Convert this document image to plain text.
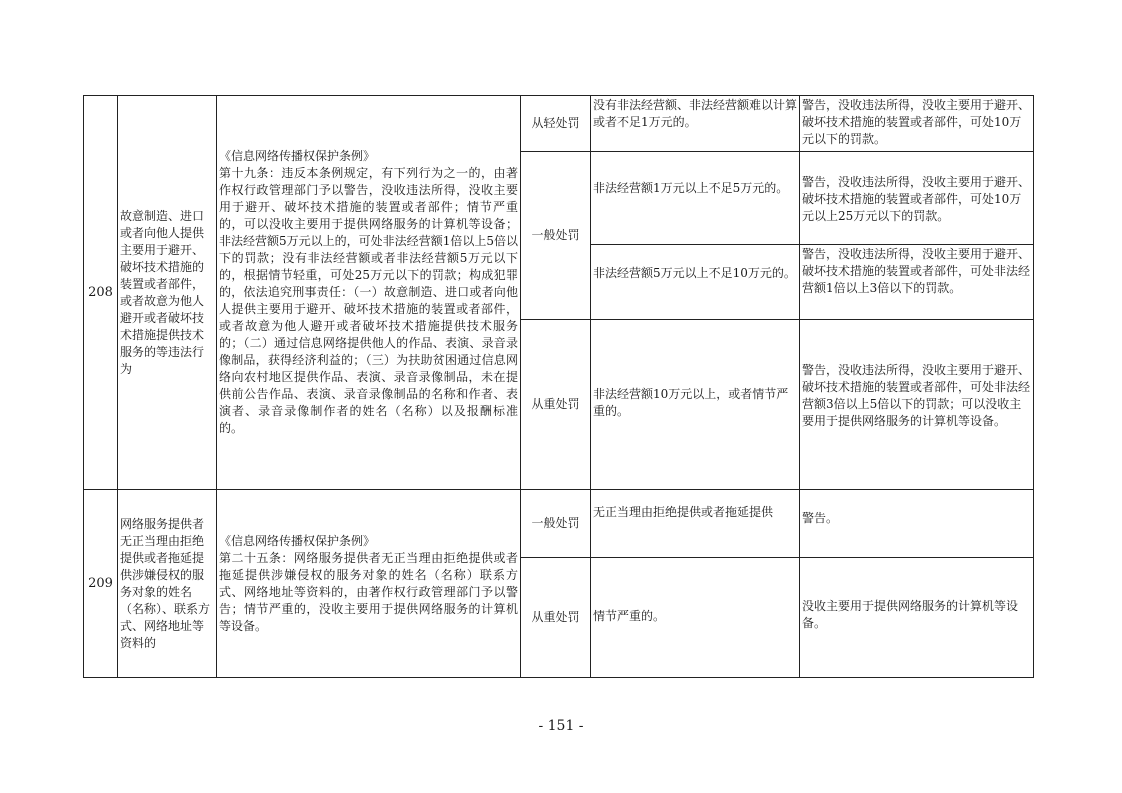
208	故意制造、进口或者向他人提供主要用于避开、破坏技术措施的装置或者部件，或者故意为他人避开或者破坏技术措施提供技术服务的等违法行为	《信息网络传播权保护条例》
第十九条：违反本条例规定，有下列行为之一的，由著作权行政管理部门予以警告，没收违法所得，没收主要用于避开、破坏技术措施的装置或者部件；情节严重的，可以没收主要用于提供网络服务的计算机等设备；非法经营额5万元以上的，可处非法经营额1倍以上5倍以下的罚款；没有非法经营额或者非法经营额5万元以下的，根据情节轻重，可处25万元以下的罚款；构成犯罪的，依法追究刑事责任：（一）故意制造、进口或者向他人提供主要用于避开、破坏技术措施的装置或者部件，或者故意为他人避开或者破坏技术措施提供技术服务的；（二）通过信息网络提供他人的作品、表演、录音录像制品，获得经济利益的；（三）为扶助贫困通过信息网络向农村地区提供作品、表演、录音录像制品，未在提供前公告作品、表演、录音录像制品的名称和作者、表演者、录音录像制作者的姓名（名称）以及报酬标准的。	从轻处罚	没有非法经营额、非法经营额难以计算或者不足1万元的。	警告，没收违法所得，没收主要用于避开、破坏技术措施的装置或者部件，可处10万元以下的罚款。
			一般处罚	非法经营额1万元以上不足5万元的。	警告，没收违法所得，没收主要用于避开、破坏技术措施的装置或者部件，可处10万元以上25万元以下的罚款。
				非法经营额5万元以上不足10万元的。	警告，没收违法所得，没收主要用于避开、破坏技术措施的装置或者部件，可处非法经营额1倍以上3倍以下的罚款。
			从重处罚	非法经营额10万元以上，或者情节严重的。	警告，没收违法所得，没收主要用于避开、破坏技术措施的装置或者部件，可处非法经营额3倍以上5倍以下的罚款；可以没收主要用于提供网络服务的计算机等设备。
209	网络服务提供者无正当理由拒绝提供或者拖延提供涉嫌侵权的服务对象的姓名（名称）、联系方式、网络地址等资料的	《信息网络传播权保护条例》
第二十五条：网络服务提供者无正当理由拒绝提供或者拖延提供涉嫌侵权的服务对象的姓名（名称）联系方式、网络地址等资料的，由著作权行政管理部门予以警告；情节严重的，没收主要用于提供网络服务的计算机等设备。	一般处罚	无正当理由拒绝提供或者拖延提供	警告。
			从重处罚	情节严重的。	没收主要用于提供网络服务的计算机等设备。
- 151 -
